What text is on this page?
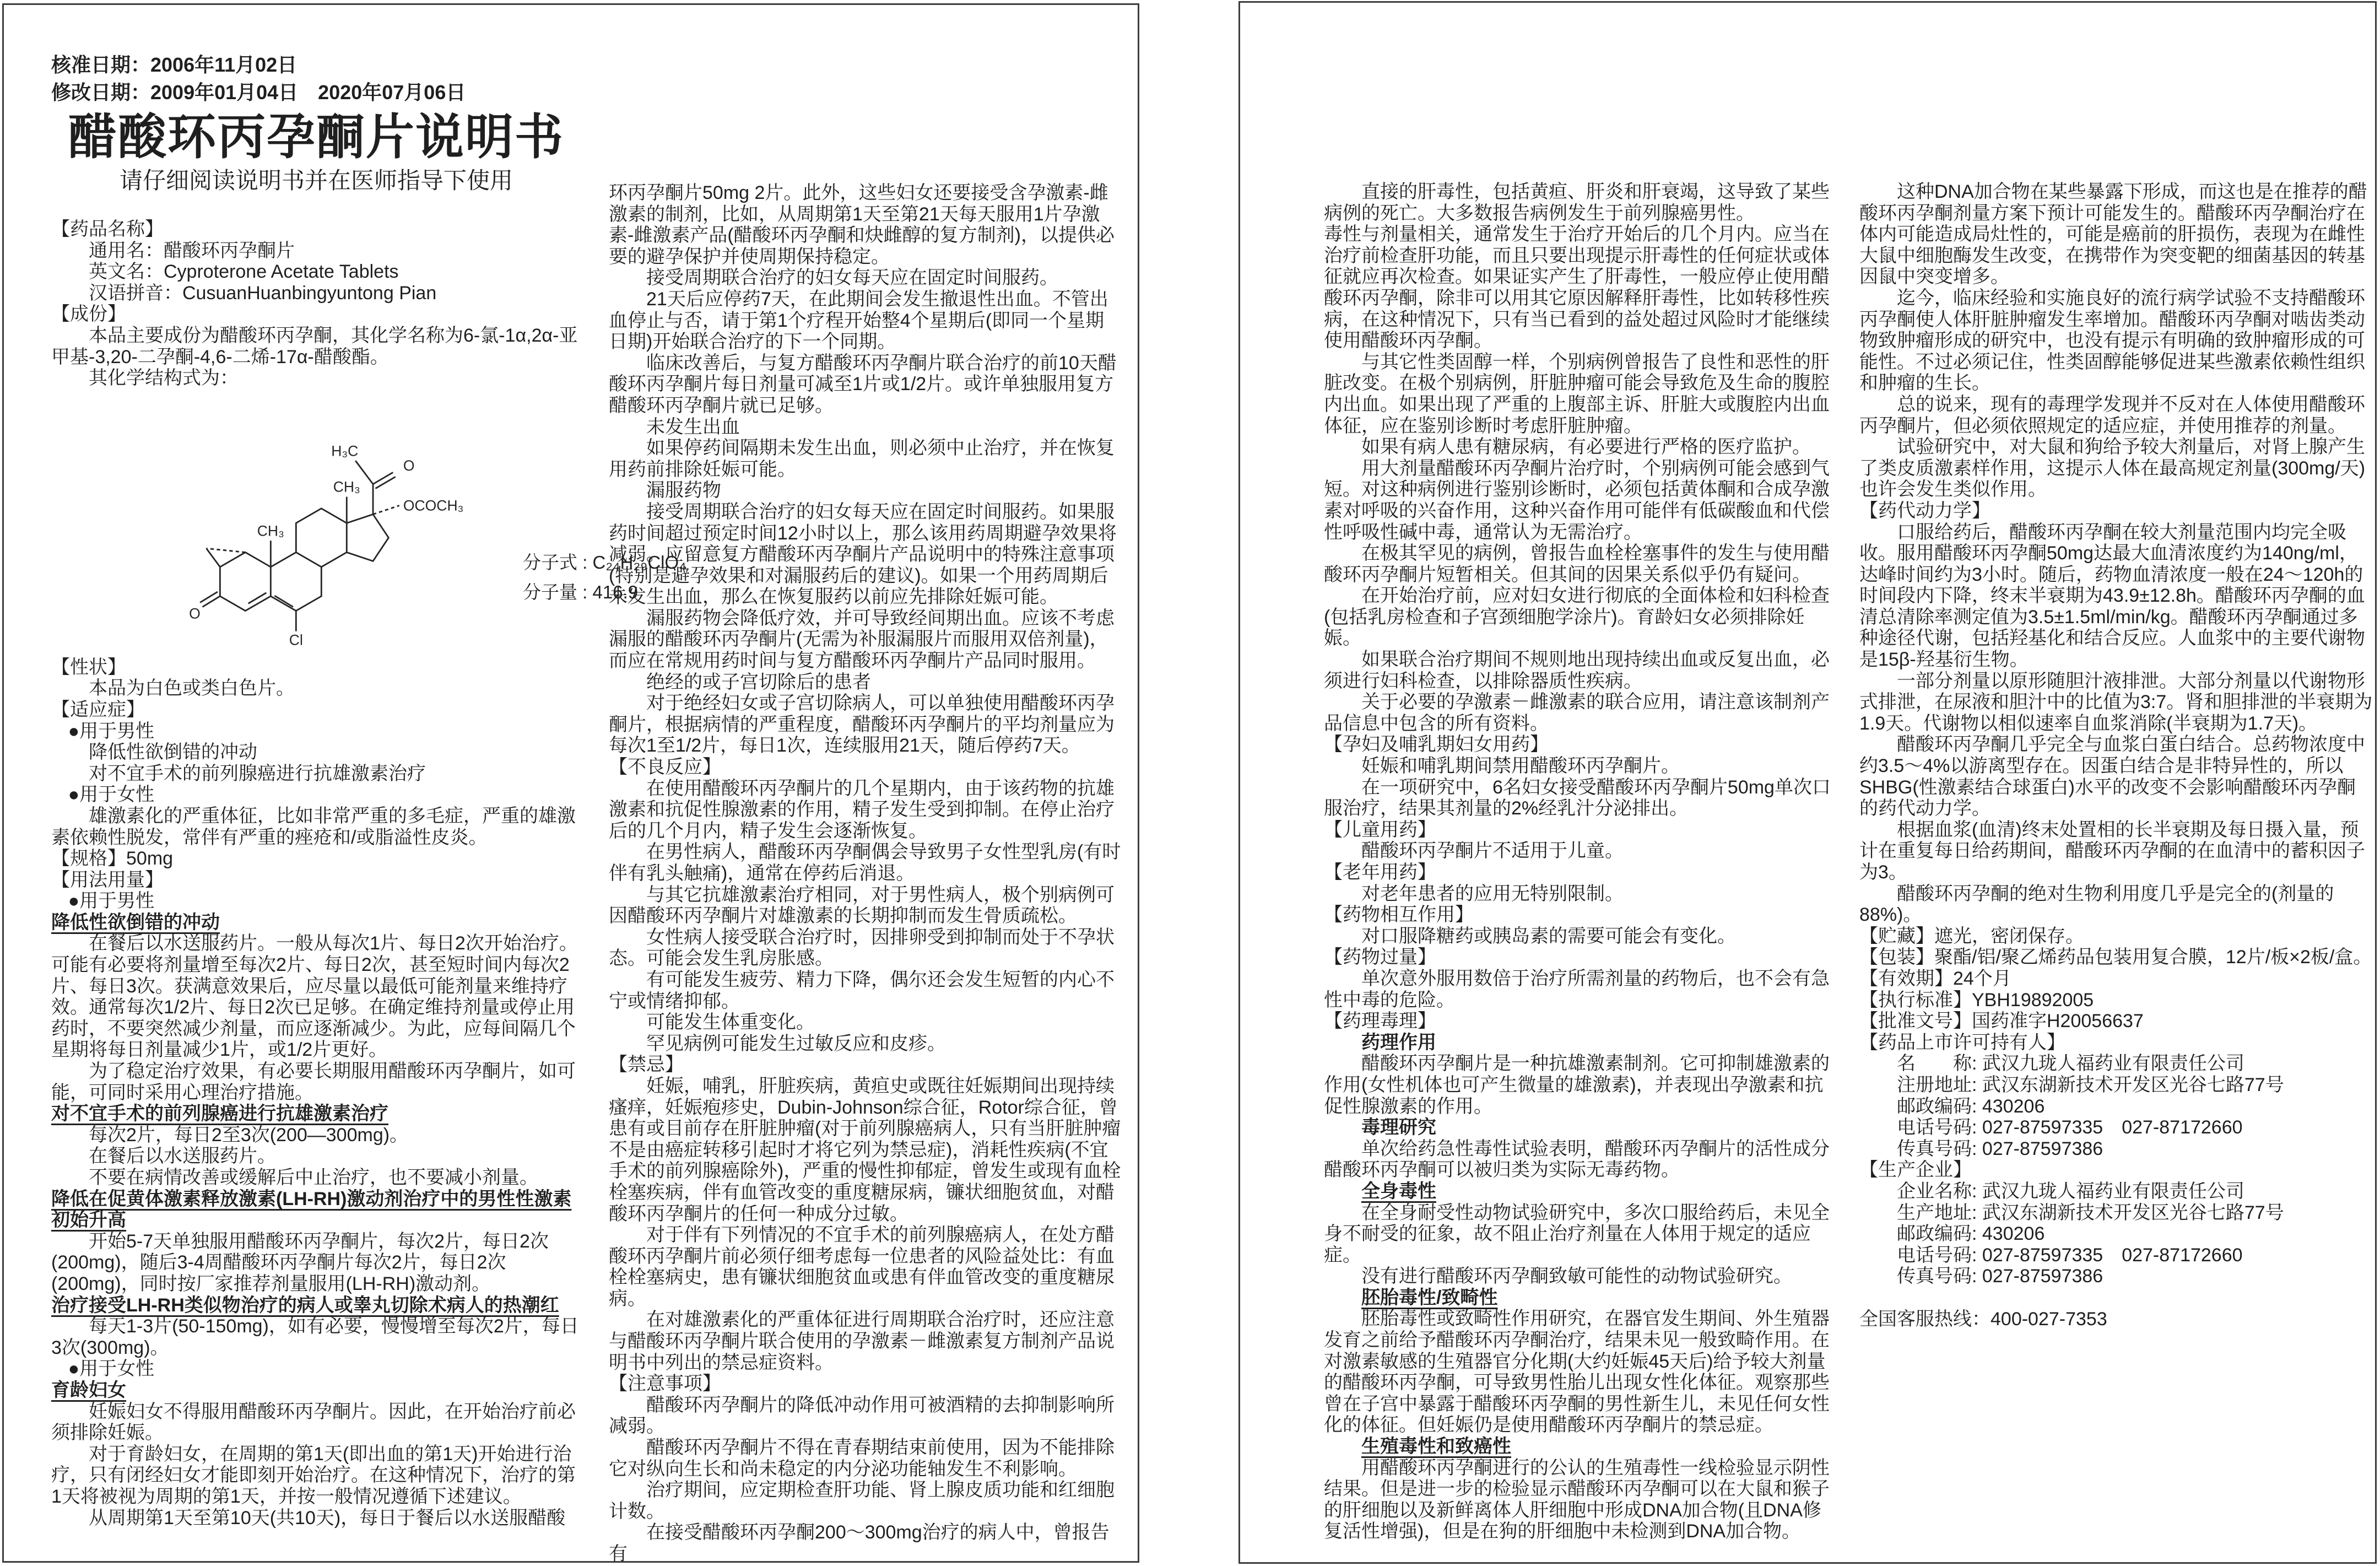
核准日期：2006年11月02日
修改日期：2009年01月04日　2020年07月06日
醋酸环丙孕酮片说明书
请仔细阅读说明书并在医师指导下使用
【药品名称】
通用名：醋酸环丙孕酮片
英文名：Cyproterone Acetate Tablets
汉语拼音：CusuanHuanbingyuntong Pian
【成份】
本品主要成份为醋酸环丙孕酮，其化学名称为6-氯-1α,2α-亚甲基-3,20-二孕酮-4,6-二烯-17α-醋酸酯。
其化学结构式为：
O
Cl
CH₃
CH₃
O
H₃C
OCOCH₃
分子式 : C₂₄H₂₉ClO₄
分子量 : 416.9
【性状】
本品为白色或类白色片。
【适应症】
●用于男性
降低性欲倒错的冲动
对不宜手术的前列腺癌进行抗雄激素治疗
●用于女性
雄激素化的严重体征，比如非常严重的多毛症，严重的雄激素依赖性脱发，常伴有严重的痤疮和/或脂溢性皮炎。
【规格】50mg
【用法用量】
●用于男性
降低性欲倒错的冲动
在餐后以水送服药片。一般从每次1片、每日2次开始治疗。可能有必要将剂量增至每次2片、每日2次，甚至短时间内每次2片、每日3次。获满意效果后，应尽量以最低可能剂量来维持疗效。通常每次1/2片、每日2次已足够。在确定维持剂量或停止用药时，不要突然减少剂量，而应逐渐减少。为此，应每间隔几个星期将每日剂量减少1片，或1/2片更好。
为了稳定治疗效果，有必要长期服用醋酸环丙孕酮片，如可能，可同时采用心理治疗措施。
对不宜手术的前列腺癌进行抗雄激素治疗
每次2片，每日2至3次(200—300mg)。
在餐后以水送服药片。
不要在病情改善或缓解后中止治疗，也不要减小剂量。
降低在促黄体激素释放激素(LH-RH)激动剂治疗中的男性性激素初始升高
开始5-7天单独服用醋酸环丙孕酮片，每次2片，每日2次(200mg)，随后3-4周醋酸环丙孕酮片每次2片，每日2次(200mg)，同时按厂家推荐剂量服用(LH-RH)激动剂。
治疗接受LH-RH类似物治疗的病人或睾丸切除术病人的热潮红
每天1-3片(50-150mg)，如有必要，慢慢增至每次2片，每日3次(300mg)。
●用于女性
育龄妇女
妊娠妇女不得服用醋酸环丙孕酮片。因此，在开始治疗前必须排除妊娠。
对于育龄妇女，在周期的第1天(即出血的第1天)开始进行治疗，只有闭经妇女才能即刻开始治疗。在这种情况下，治疗的第1天将被视为周期的第1天，并按一般情况遵循下述建议。
从周期第1天至第10天(共10天)，每日于餐后以水送服醋酸
环丙孕酮片50mg 2片。此外，这些妇女还要接受含孕激素-雌激素的制剂，比如，从周期第1天至第21天每天服用1片孕激素-雌激素产品(醋酸环丙孕酮和炔雌醇的复方制剂)，以提供必要的避孕保护并使周期保持稳定。
接受周期联合治疗的妇女每天应在固定时间服药。
21天后应停药7天，在此期间会发生撤退性出血。不管出血停止与否，请于第1个疗程开始整4个星期后(即同一个星期日期)开始联合治疗的下一个同期。
临床改善后，与复方醋酸环丙孕酮片联合治疗的前10天醋酸环丙孕酮片每日剂量可减至1片或1/2片。或许单独服用复方醋酸环丙孕酮片就已足够。
未发生出血
如果停药间隔期未发生出血，则必须中止治疗，并在恢复用药前排除妊娠可能。
漏服药物
接受周期联合治疗的妇女每天应在固定时间服药。如果服药时间超过预定时间12小时以上，那么该用药周期避孕效果将减弱。应留意复方醋酸环丙孕酮片产品说明中的特殊注意事项(特别是避孕效果和对漏服药后的建议)。如果一个用药周期后未发生出血，那么在恢复服药以前应先排除妊娠可能。
漏服药物会降低疗效，并可导致经间期出血。应该不考虑漏服的醋酸环丙孕酮片(无需为补服漏服片而服用双倍剂量)，而应在常规用药时间与复方醋酸环丙孕酮片产品同时服用。
绝经的或子宫切除后的患者
对于绝经妇女或子宫切除病人，可以单独使用醋酸环丙孕酮片，根据病情的严重程度，醋酸环丙孕酮片的平均剂量应为每次1至1/2片，每日1次，连续服用21天，随后停药7天。
【不良反应】
在使用醋酸环丙孕酮片的几个星期内，由于该药物的抗雄激素和抗促性腺激素的作用，精子发生受到抑制。在停止治疗后的几个月内，精子发生会逐渐恢复。
在男性病人，醋酸环丙孕酮偶会导致男子女性型乳房(有时伴有乳头触痛)，通常在停药后消退。
与其它抗雄激素治疗相同，对于男性病人，极个别病例可因醋酸环丙孕酮片对雄激素的长期抑制而发生骨质疏松。
女性病人接受联合治疗时，因排卵受到抑制而处于不孕状态。可能会发生乳房胀感。
有可能发生疲劳、精力下降，偶尔还会发生短暂的内心不宁或情绪抑郁。
可能发生体重变化。
罕见病例可能发生过敏反应和皮疹。
【禁忌】
妊娠，哺乳，肝脏疾病，黄疸史或既往妊娠期间出现持续瘙痒，妊娠疱疹史，Dubin-Johnson综合征，Rotor综合征，曾患有或目前存在肝脏肿瘤(对于前列腺癌病人，只有当肝脏肿瘤不是由癌症转移引起时才将它列为禁忌症)，消耗性疾病(不宜手术的前列腺癌除外)，严重的慢性抑郁症，曾发生或现有血栓栓塞疾病，伴有血管改变的重度糖尿病，镰状细胞贫血，对醋酸环丙孕酮片的任何一种成分过敏。
对于伴有下列情况的不宜手术的前列腺癌病人，在处方醋酸环丙孕酮片前必须仔细考虑每一位患者的风险益处比：有血栓栓塞病史，患有镰状细胞贫血或患有伴血管改变的重度糖尿病。
在对雄激素化的严重体征进行周期联合治疗时，还应注意与醋酸环丙孕酮片联合使用的孕激素－雌激素复方制剂产品说明书中列出的禁忌症资料。
【注意事项】
醋酸环丙孕酮片的降低冲动作用可被酒精的去抑制影响所减弱。
醋酸环丙孕酮片不得在青春期结束前使用，因为不能排除它对纵向生长和尚未稳定的内分泌功能轴发生不利影响。
治疗期间，应定期检查肝功能、肾上腺皮质功能和红细胞计数。
在接受醋酸环丙孕酮200～300mg治疗的病人中，曾报告有
直接的肝毒性，包括黄疸、肝炎和肝衰竭，这导致了某些病例的死亡。大多数报告病例发生于前列腺癌男性。
毒性与剂量相关，通常发生于治疗开始后的几个月内。应当在治疗前检查肝功能，而且只要出现提示肝毒性的任何症状或体征就应再次检查。如果证实产生了肝毒性，一般应停止使用醋酸环丙孕酮，除非可以用其它原因解释肝毒性，比如转移性疾病，在这种情况下，只有当已看到的益处超过风险时才能继续使用醋酸环丙孕酮。
与其它性类固醇一样，个别病例曾报告了良性和恶性的肝脏改变。在极个别病例，肝脏肿瘤可能会导致危及生命的腹腔内出血。如果出现了严重的上腹部主诉、肝脏大或腹腔内出血体征，应在鉴别诊断时考虑肝脏肿瘤。
如果有病人患有糖尿病，有必要进行严格的医疗监护。
用大剂量醋酸环丙孕酮片治疗时，个别病例可能会感到气短。对这种病例进行鉴别诊断时，必须包括黄体酮和合成孕激素对呼吸的兴奋作用，这种兴奋作用可能伴有低碳酸血和代偿性呼吸性碱中毒，通常认为无需治疗。
在极其罕见的病例，曾报告血栓栓塞事件的发生与使用醋酸环丙孕酮片短暂相关。但其间的因果关系似乎仍有疑问。
在开始治疗前，应对妇女进行彻底的全面体检和妇科检查(包括乳房检查和子宫颈细胞学涂片)。育龄妇女必须排除妊娠。
如果联合治疗期间不规则地出现持续出血或反复出血，必须进行妇科检查，以排除器质性疾病。
关于必要的孕激素－雌激素的联合应用，请注意该制剂产品信息中包含的所有资料。
【孕妇及哺乳期妇女用药】
妊娠和哺乳期间禁用醋酸环丙孕酮片。
在一项研究中，6名妇女接受醋酸环丙孕酮片50mg单次口服治疗，结果其剂量的2%经乳汁分泌排出。
【儿童用药】
醋酸环丙孕酮片不适用于儿童。
【老年用药】
对老年患者的应用无特别限制。
【药物相互作用】
对口服降糖药或胰岛素的需要可能会有变化。
【药物过量】
单次意外服用数倍于治疗所需剂量的药物后，也不会有急性中毒的危险。
【药理毒理】
药理作用
醋酸环丙孕酮片是一种抗雄激素制剂。它可抑制雄激素的作用(女性机体也可产生微量的雄激素)，并表现出孕激素和抗促性腺激素的作用。
毒理研究
单次给药急性毒性试验表明，醋酸环丙孕酮片的活性成分醋酸环丙孕酮可以被归类为实际无毒药物。
全身毒性
在全身耐受性动物试验研究中，多次口服给药后，未见全身不耐受的征象，故不阻止治疗剂量在人体用于规定的适应症。
没有进行醋酸环丙孕酮致敏可能性的动物试验研究。
胚胎毒性/致畸性
胚胎毒性或致畸性作用研究，在器官发生期间、外生殖器发育之前给予醋酸环丙孕酮治疗，结果未见一般致畸作用。在对激素敏感的生殖器官分化期(大约妊娠45天后)给予较大剂量的醋酸环丙孕酮，可导致男性胎儿出现女性化体征。观察那些曾在子宫中暴露于醋酸环丙孕酮的男性新生儿，未见任何女性化的体征。但妊娠仍是使用醋酸环丙孕酮片的禁忌症。
生殖毒性和致癌性
用醋酸环丙孕酮进行的公认的生殖毒性一线检验显示阴性结果。但是进一步的检验显示醋酸环丙孕酮可以在大鼠和猴子的肝细胞以及新鲜离体人肝细胞中形成DNA加合物(且DNA修复活性增强)，但是在狗的肝细胞中未检测到DNA加合物。
这种DNA加合物在某些暴露下形成，而这也是在推荐的醋酸环丙孕酮剂量方案下预计可能发生的。醋酸环丙孕酮治疗在体内可能造成局灶性的，可能是癌前的肝损伤，表现为在雌性大鼠中细胞酶发生改变，在携带作为突变靶的细菌基因的转基因鼠中突变增多。
迄今，临床经验和实施良好的流行病学试验不支持醋酸环丙孕酮使人体肝脏肿瘤发生率增加。醋酸环丙孕酮对啮齿类动物致肿瘤形成的研究中，也没有提示有明确的致肿瘤形成的可能性。不过必须记住，性类固醇能够促进某些激素依赖性组织和肿瘤的生长。
总的说来，现有的毒理学发现并不反对在人体使用醋酸环丙孕酮片，但必须依照规定的适应症，并使用推荐的剂量。
试验研究中，对大鼠和狗给予较大剂量后，对肾上腺产生了类皮质激素样作用，这提示人体在最高规定剂量(300mg/天)也许会发生类似作用。
【药代动力学】
口服给药后，醋酸环丙孕酮在较大剂量范围内均完全吸收。服用醋酸环丙孕酮50mg达最大血清浓度约为140ng/ml，达峰时间约为3小时。随后，药物血清浓度一般在24～120h的时间段内下降，终末半衰期为43.9±12.8h。醋酸环丙孕酮的血清总清除率测定值为3.5±1.5ml/min/kg。醋酸环丙孕酮通过多种途径代谢，包括羟基化和结合反应。人血浆中的主要代谢物是15β-羟基衍生物。
一部分剂量以原形随胆汁液排泄。大部分剂量以代谢物形式排泄，在尿液和胆汁中的比值为3:7。肾和胆排泄的半衰期为1.9天。代谢物以相似速率自血浆消除(半衰期为1.7天)。
醋酸环丙孕酮几乎完全与血浆白蛋白结合。总药物浓度中约3.5～4%以游离型存在。因蛋白结合是非特异性的，所以SHBG(性激素结合球蛋白)水平的改变不会影响醋酸环丙孕酮的药代动力学。
根据血浆(血清)终末处置相的长半衰期及每日摄入量，预计在重复每日给药期间，醋酸环丙孕酮的在血清中的蓄积因子为3。
醋酸环丙孕酮的绝对生物利用度几乎是完全的(剂量的88%)。
【贮藏】遮光，密闭保存。
【包装】聚酯/铝/聚乙烯药品包装用复合膜，12片/板×2板/盒。
【有效期】24个月
【执行标准】YBH19892005
【批准文号】国药准字H20056637
【药品上市许可持有人】
名　　称: 武汉九珑人福药业有限责任公司
注册地址: 武汉东湖新技术开发区光谷七路77号
邮政编码: 430206
电话号码: 027-87597335　027-87172660
传真号码: 027-87597386
【生产企业】
企业名称: 武汉九珑人福药业有限责任公司
生产地址: 武汉东湖新技术开发区光谷七路77号
邮政编码: 430206
电话号码: 027-87597335　027-87172660
传真号码: 027-87597386
全国客服热线：400-027-7353
